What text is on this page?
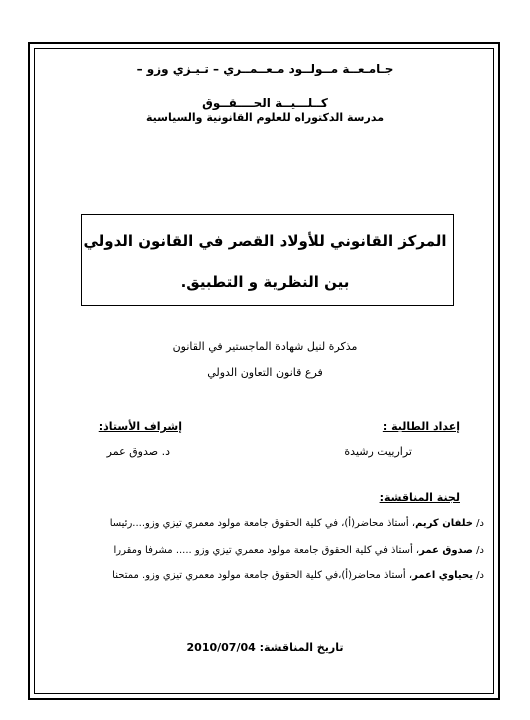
جـامـعــة مــولــود مـعــمــري – تـيـزي وزو –
كــلـــيــة الحــــقــوق
مدرسة الدكتوراه للعلوم القانونية والسياسية
المركز القانوني للأولاد القصر في القانون الدولي
بين النظرية و التطبيق.
مذكرة لنيل شهادة الماجستير في القانون
فرع قانون التعاون الدولي
إعداد الطالبة :
ترارييت رشيدة
إشراف الأستاذ:
د. صدوق عمر
لجنة المناقشة:
د/ خلفان كريم، أستاذ محاضر(أ)، في كلية الحقوق جامعة مولود معمري تيزي وزو....رئيسا
د/ صدوق عمر، أستاذ في كلية الحقوق جامعة مولود معمري تيزي وزو ..... مشرفا ومقررا
د/ يحياوي اعمر، أستاذ محاضر(أ)،في كلية الحقوق جامعة مولود معمري تيزي وزو. ممتحنا
تاريخ المناقشة: 2010/07/04
